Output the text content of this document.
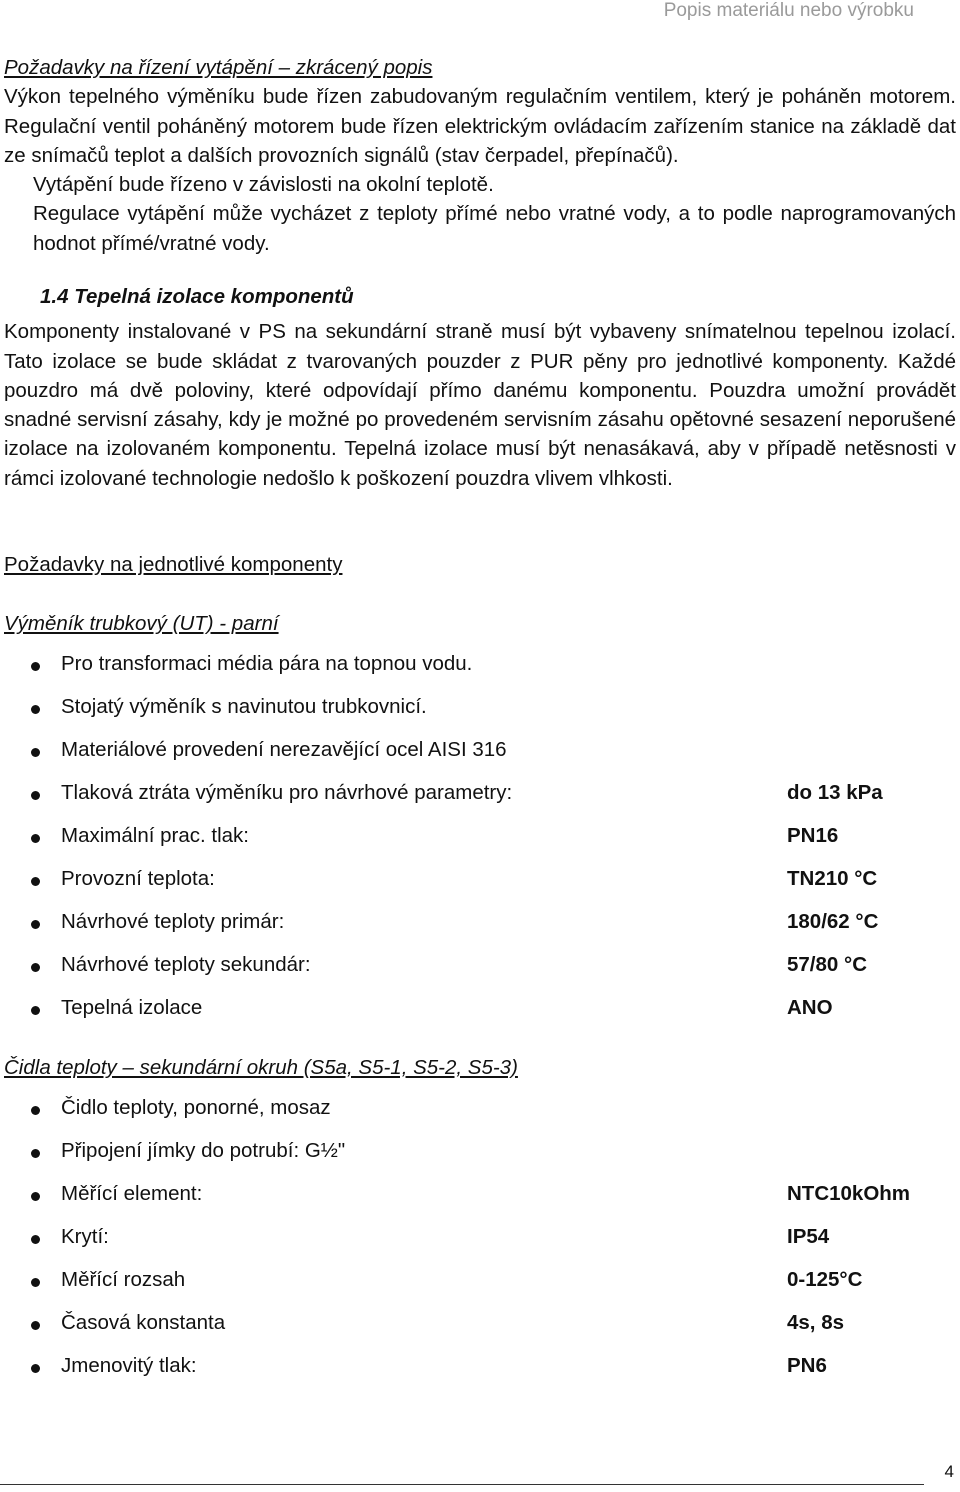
Popis materiálu nebo výrobku

Požadavky na řízení vytápění – zkrácený popis

Výkon tepelného výměníku bude řízen zabudovaným regulačním ventilem, který je poháněn motorem. Regulační ventil poháněný motorem bude řízen elektrickým ovládacím zařízením stanice na základě dat ze snímačů teplot a dalších provozních signálů (stav čerpadel, přepínačů).

Vytápění bude řízeno v závislosti na okolní teplotě.

Regulace vytápění může vycházet z teploty přímé nebo vratné vody, a to podle naprogramovaných hodnot přímé/vratné vody.

1.4 Tepelná izolace komponentů

Komponenty instalované v PS na sekundární straně musí být vybaveny snímatelnou tepelnou izolací. Tato izolace se bude skládat z tvarovaných pouzder z PUR pěny pro jednotlivé komponenty. Každé pouzdro má dvě poloviny, které odpovídají přímo danému komponentu. Pouzdra umožní provádět snadné servisní zásahy, kdy je možné po provedeném servisním zásahu opětovné sesazení neporušené izolace na izolovaném komponentu. Tepelná izolace musí být nenasákavá, aby v případě netěsnosti v rámci izolované technologie nedošlo k poškození pouzdra vlivem vlhkosti.

Požadavky na jednotlivé komponenty

Výměník trubkový (UT) - parní

Pro transformaci média pára na topnou vodu.
Stojatý výměník s navinutou trubkovnicí.
Materiálové provedení nerezavějící ocel AISI 316
Tlaková ztráta výměníku pro návrhové parametry:	do 13 kPa
Maximální prac. tlak:	PN16
Provozní teplota:	TN210 °C
Návrhové teploty primár:	180/62 °C
Návrhové teploty sekundár:	57/80 °C
Tepelná izolace	ANO

Čidla teploty – sekundární okruh (S5a, S5-1, S5-2, S5-3)

Čidlo teploty, ponorné, mosaz
Připojení jímky do potrubí: G½"
Měřící element:	NTC10kOhm
Krytí:	IP54
Měřící rozsah	0-125°C
Časová konstanta	4s, 8s
Jmenovitý tlak:	PN6
4
